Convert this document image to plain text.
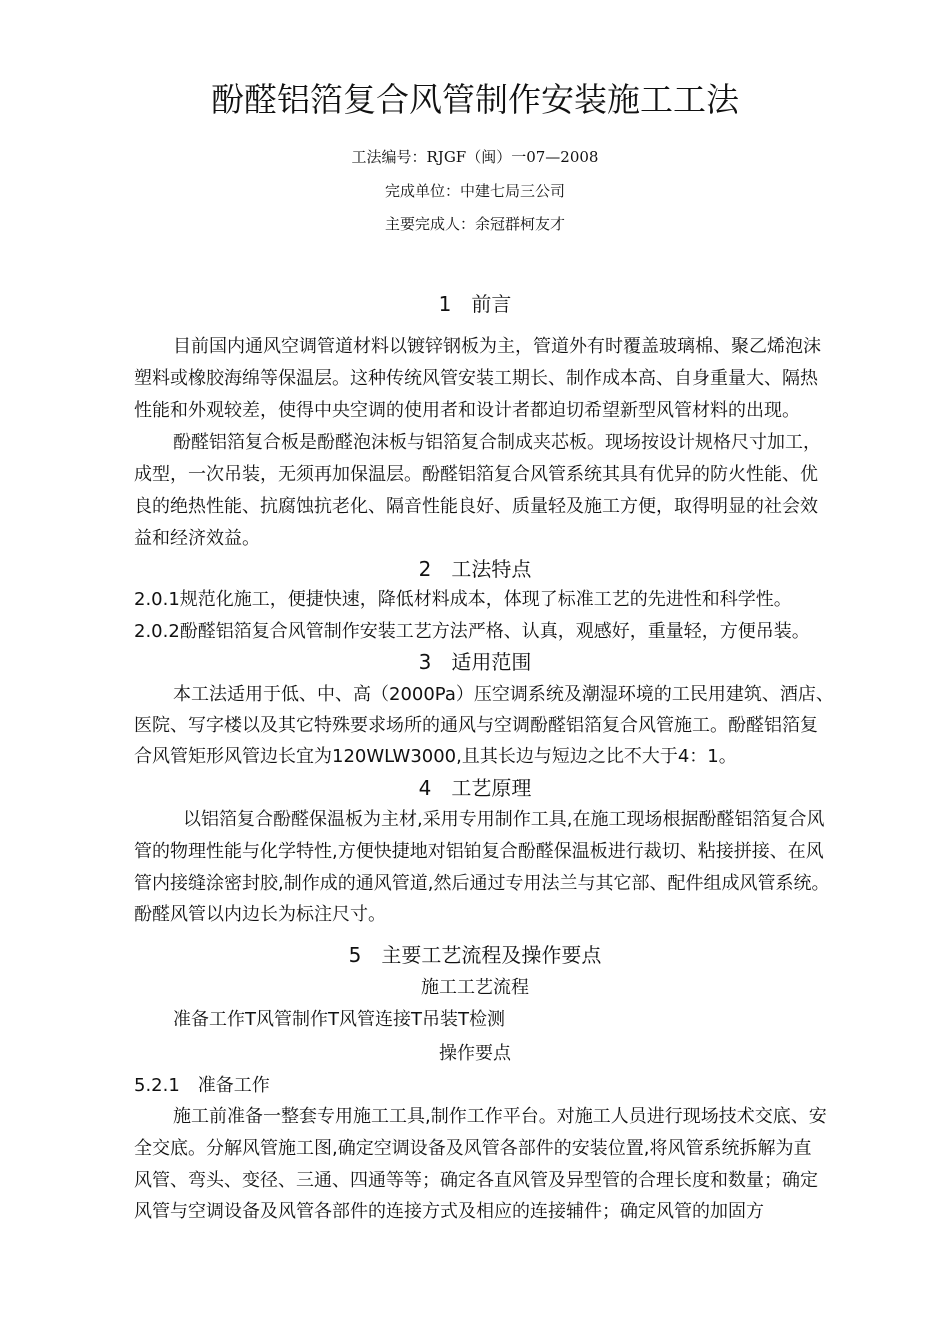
酚醛铝箔复合风管制作安装施工工法
工法编号：RJGF（闽）一07—2008
完成单位：中建七局三公司
主要完成人：余冠群柯友才
1　前言
目前国内通风空调管道材料以镀锌钢板为主，管道外有时覆盖玻璃棉、聚乙烯泡沫
塑料或橡胶海绵等保温层。这种传统风管安装工期长、制作成本高、自身重量大、隔热
性能和外观较差，使得中央空调的使用者和设计者都迫切希望新型风管材料的出现。
酚醛铝箔复合板是酚醛泡沫板与铝箔复合制成夹芯板。现场按设计规格尺寸加工，
成型，一次吊装，无须再加保温层。酚醛铝箔复合风管系统其具有优异的防火性能、优
良的绝热性能、抗腐蚀抗老化、隔音性能良好、质量轻及施工方便，取得明显的社会效
益和经济效益。
2　工法特点
2.0.1规范化施工，便捷快速，降低材料成本，体现了标准工艺的先进性和科学性。
2.0.2酚醛铝箔复合风管制作安装工艺方法严格、认真，观感好，重量轻，方便吊装。
3　适用范围
本工法适用于低、中、高（2000Pa）压空调系统及潮湿环境的工民用建筑、酒店、
医院、写字楼以及其它特殊要求场所的通风与空调酚醛铝箔复合风管施工。酚醛铝箔复
合风管矩形风管边长宜为120WLW3000,且其长边与短边之比不大于4：1。
4　工艺原理
以铝箔复合酚醛保温板为主材,采用专用制作工具,在施工现场根据酚醛铝箔复合风
管的物理性能与化学特性,方便快捷地对铝铂复合酚醛保温板进行裁切、粘接拼接、在风
管内接缝涂密封胶,制作成的通风管道,然后通过专用法兰与其它部、配件组成风管系统。
酚醛风管以内边长为标注尺寸。
5　主要工艺流程及操作要点
施工工艺流程
准备工作T风管制作T风管连接T吊装T检测
操作要点
5.2.1　准备工作
施工前准备一整套专用施工工具,制作工作平台。对施工人员进行现场技术交底、安
全交底。分解风管施工图,确定空调设备及风管各部件的安装位置,将风管系统拆解为直
风管、弯头、变径、三通、四通等等；确定各直风管及异型管的合理长度和数量；确定
风管与空调设备及风管各部件的连接方式及相应的连接辅件；确定风管的加固方
